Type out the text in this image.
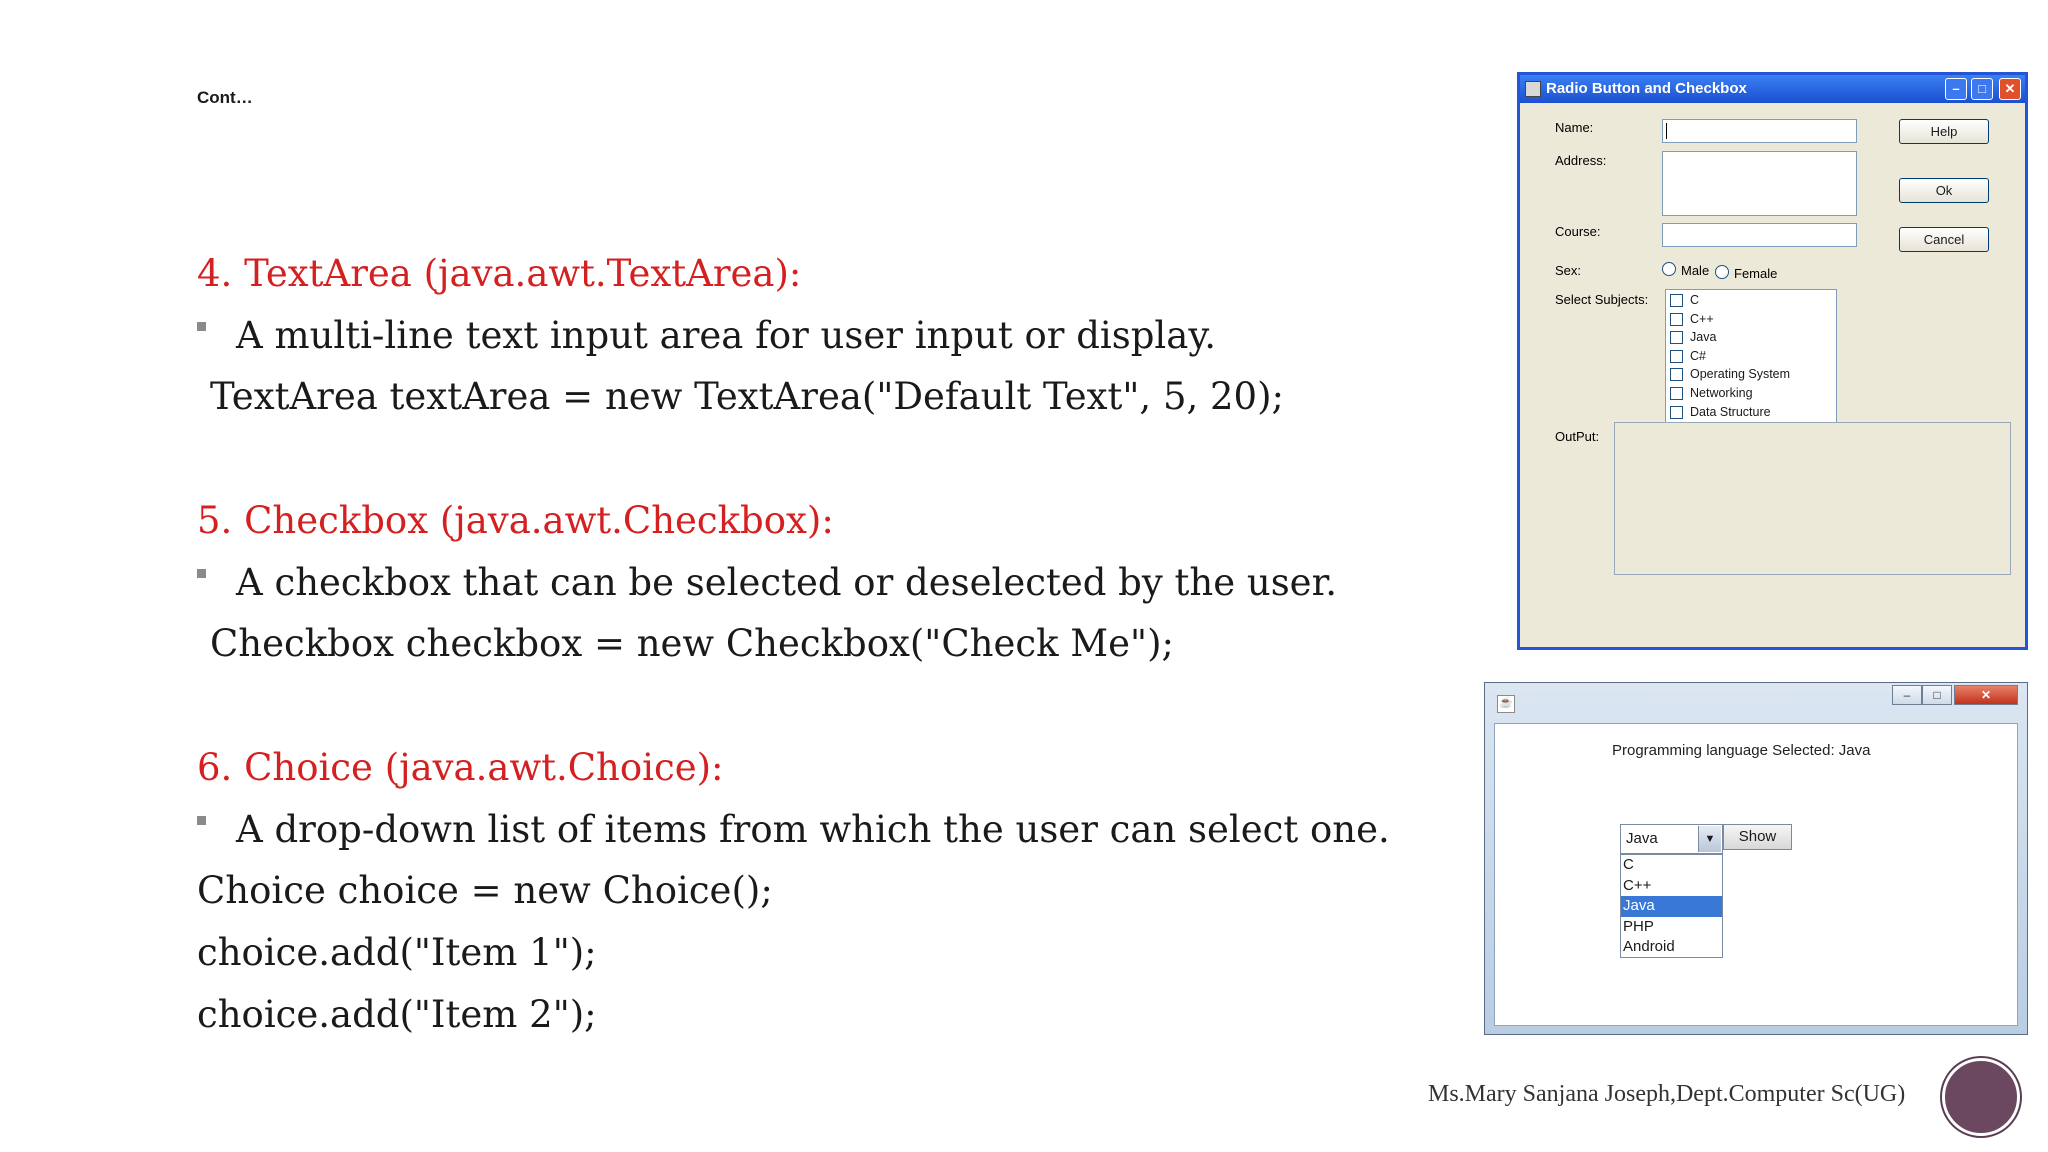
Cont…
4. TextArea (java.awt.TextArea):
A multi-line text input area for user input or display.
TextArea textArea = new TextArea("Default Text", 5, 20);
5. Checkbox (java.awt.Checkbox):
A checkbox that can be selected or deselected by the user.
Checkbox checkbox = new Checkbox("Check Me");
6. Choice (java.awt.Choice):
A drop-down list of items from which the user can select one.
Choice choice = new Choice();
choice.add("Item 1");
choice.add("Item 2");
Radio Button and Checkbox	–	□	✕
Name:
Address:
Course:
Help
Ok
Cancel
Sex:	Male Female
Select Subjects:	C
C++
Java
C#
Operating System
Networking
Data Structure
OutPut:
☕
–	□	✕
Programming language Selected: Java
Java	▼	Show
C
C++
Java
PHP
Android
Ms.Mary Sanjana Joseph,Dept.Computer Sc(UG)
